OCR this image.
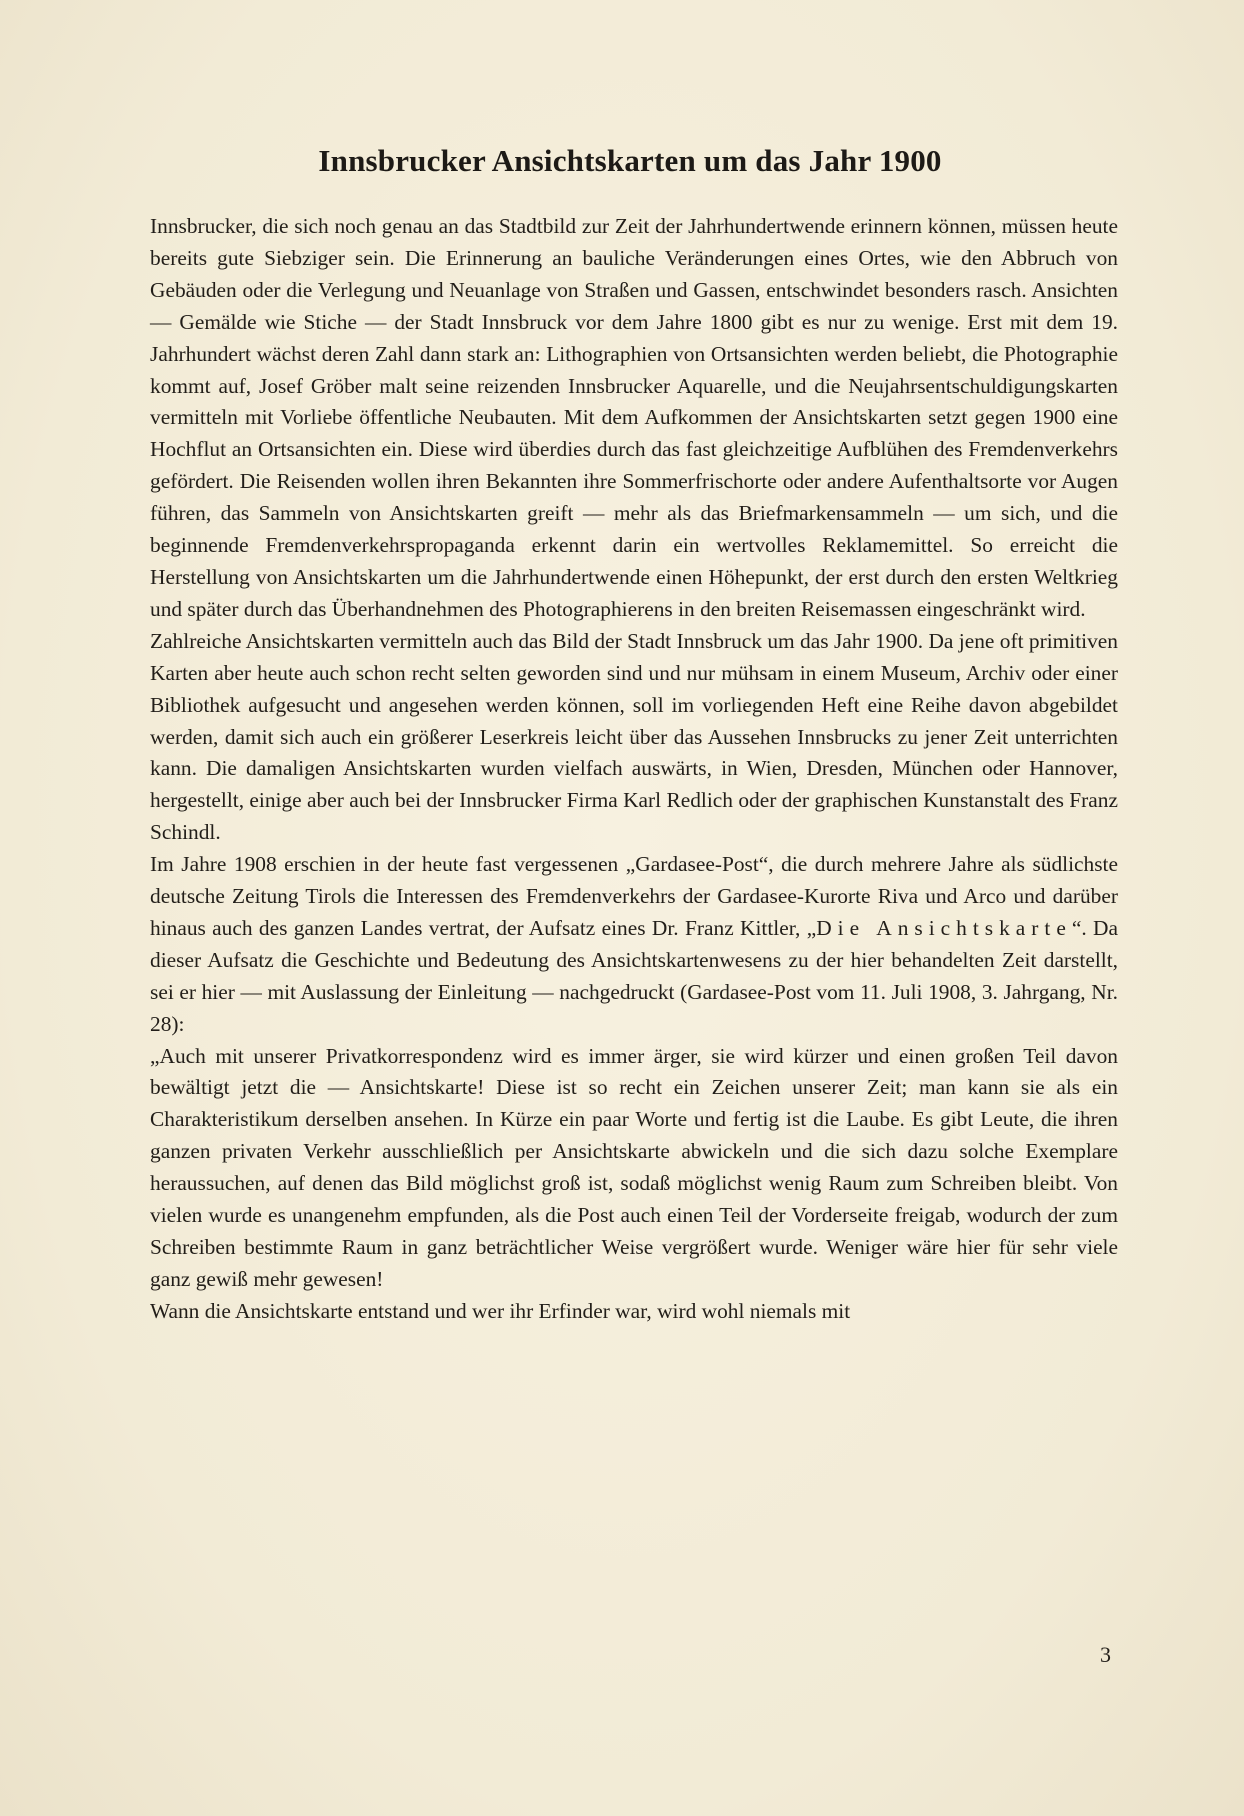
Innsbrucker Ansichtskarten um das Jahr 1900

Innsbrucker, die sich noch genau an das Stadtbild zur Zeit der Jahrhundertwende erinnern können, müssen heute bereits gute Siebziger sein. Die Erinnerung an bauliche Veränderungen eines Ortes, wie den Abbruch von Gebäuden oder die Verlegung und Neuanlage von Straßen und Gassen, entschwindet besonders rasch. Ansichten — Gemälde wie Stiche — der Stadt Innsbruck vor dem Jahre 1800 gibt es nur zu wenige. Erst mit dem 19. Jahrhundert wächst deren Zahl dann stark an: Lithographien von Ortsansichten werden beliebt, die Photographie kommt auf, Josef Gröber malt seine reizenden Innsbrucker Aquarelle, und die Neujahrsentschuldigungskarten vermitteln mit Vorliebe öffentliche Neubauten. Mit dem Aufkommen der Ansichtskarten setzt gegen 1900 eine Hochflut an Ortsansichten ein. Diese wird überdies durch das fast gleichzeitige Aufblühen des Fremdenverkehrs gefördert. Die Reisenden wollen ihren Bekannten ihre Sommerfrischorte oder andere Aufenthaltsorte vor Augen führen, das Sammeln von Ansichtskarten greift — mehr als das Briefmarkensammeln — um sich, und die beginnende Fremdenverkehrspropaganda erkennt darin ein wertvolles Reklamemittel. So erreicht die Herstellung von Ansichtskarten um die Jahrhundertwende einen Höhepunkt, der erst durch den ersten Weltkrieg und später durch das Überhandnehmen des Photographierens in den breiten Reisemassen eingeschränkt wird.

Zahlreiche Ansichtskarten vermitteln auch das Bild der Stadt Innsbruck um das Jahr 1900. Da jene oft primitiven Karten aber heute auch schon recht selten geworden sind und nur mühsam in einem Museum, Archiv oder einer Bibliothek aufgesucht und angesehen werden können, soll im vorliegenden Heft eine Reihe davon abgebildet werden, damit sich auch ein größerer Leserkreis leicht über das Aussehen Innsbrucks zu jener Zeit unterrichten kann. Die damaligen Ansichtskarten wurden vielfach auswärts, in Wien, Dresden, München oder Hannover, hergestellt, einige aber auch bei der Innsbrucker Firma Karl Redlich oder der graphischen Kunstanstalt des Franz Schindl.

Im Jahre 1908 erschien in der heute fast vergessenen „Gardasee-Post“, die durch mehrere Jahre als südlichste deutsche Zeitung Tirols die Interessen des Fremdenverkehrs der Gardasee-Kurorte Riva und Arco und darüber hinaus auch des ganzen Landes vertrat, der Aufsatz eines Dr. Franz Kittler, „Die Ansichtskarte“. Da dieser Aufsatz die Geschichte und Bedeutung des Ansichtskartenwesens zu der hier behandelten Zeit darstellt, sei er hier — mit Auslassung der Einleitung — nachgedruckt (Gardasee-Post vom 11. Juli 1908, 3. Jahrgang, Nr. 28):

„Auch mit unserer Privatkorrespondenz wird es immer ärger, sie wird kürzer und einen großen Teil davon bewältigt jetzt die — Ansichtskarte! Diese ist so recht ein Zeichen unserer Zeit; man kann sie als ein Charakteristikum derselben ansehen. In Kürze ein paar Worte und fertig ist die Laube. Es gibt Leute, die ihren ganzen privaten Verkehr ausschließlich per Ansichtskarte abwickeln und die sich dazu solche Exemplare heraussuchen, auf denen das Bild möglichst groß ist, sodaß möglichst wenig Raum zum Schreiben bleibt. Von vielen wurde es unangenehm empfunden, als die Post auch einen Teil der Vorderseite freigab, wodurch der zum Schreiben bestimmte Raum in ganz beträchtlicher Weise vergrößert wurde. Weniger wäre hier für sehr viele ganz gewiß mehr gewesen!

Wann die Ansichtskarte entstand und wer ihr Erfinder war, wird wohl niemals mit

3
